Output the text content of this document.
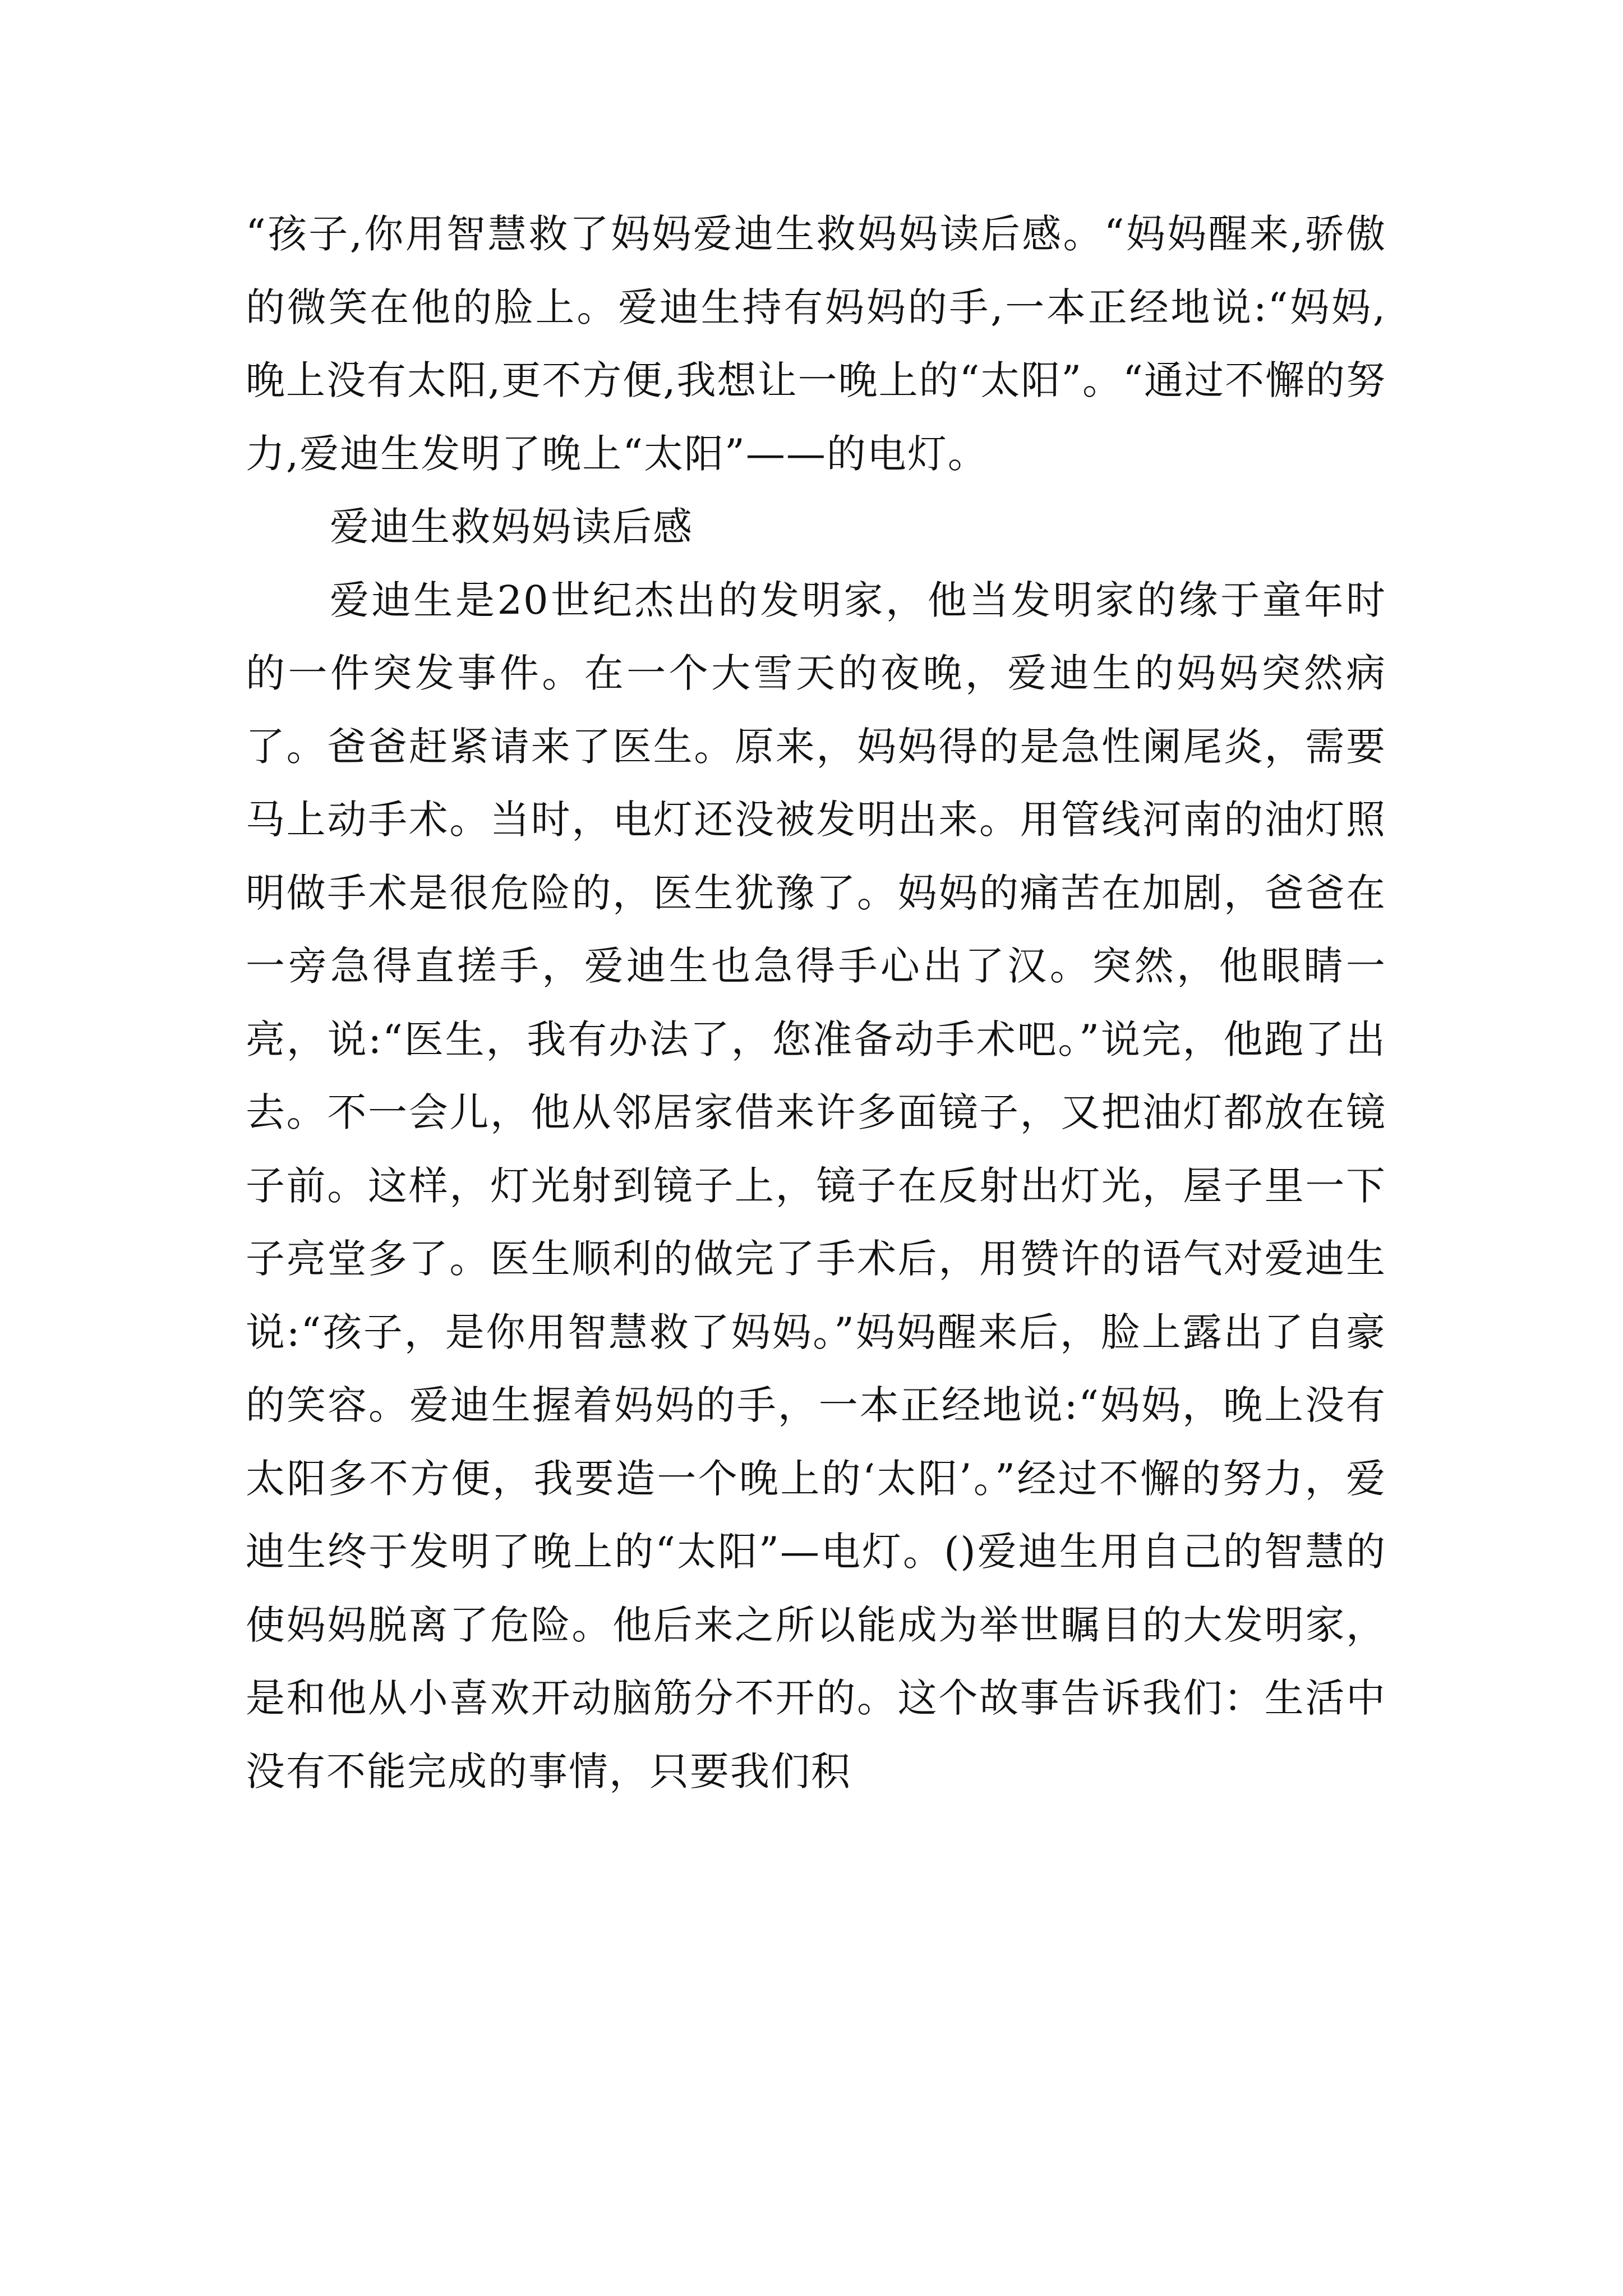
“孩子,你用智慧救了妈妈爱迪生救妈妈读后感。“妈妈醒来,骄傲的微笑在他的脸上。爱迪生持有妈妈的手,一本正经地说:“妈妈,晚上没有太阳,更不方便,我想让一晚上的“太阳”。“通过不懈的努力,爱迪生发明了晚上“太阳”——的电灯。

爱迪生救妈妈读后感

爱迪生是20世纪杰出的发明家，他当发明家的缘于童年时的一件突发事件。在一个大雪天的夜晚，爱迪生的妈妈突然病了。爸爸赶紧请来了医生。原来，妈妈得的是急性阑尾炎，需要马上动手术。当时，电灯还没被发明出来。用管线河南的油灯照明做手术是很危险的，医生犹豫了。妈妈的痛苦在加剧，爸爸在一旁急得直搓手，爱迪生也急得手心出了汉。突然，他眼睛一亮，说:“医生，我有办法了，您准备动手术吧。”说完，他跑了出去。不一会儿，他从邻居家借来许多面镜子，又把油灯都放在镜子前。这样，灯光射到镜子上，镜子在反射出灯光，屋子里一下子亮堂多了。医生顺利的做完了手术后，用赞许的语气对爱迪生说:“孩子，是你用智慧救了妈妈。”妈妈醒来后，脸上露出了自豪的笑容。爱迪生握着妈妈的手，一本正经地说:“妈妈，晚上没有太阳多不方便，我要造一个晚上的‘太阳’。”经过不懈的努力，爱迪生终于发明了晚上的“太阳”—电灯。()爱迪生用自己的智慧的使妈妈脱离了危险。他后来之所以能成为举世瞩目的大发明家，是和他从小喜欢开动脑筋分不开的。这个故事告诉我们：生活中没有不能完成的事情，只要我们积
